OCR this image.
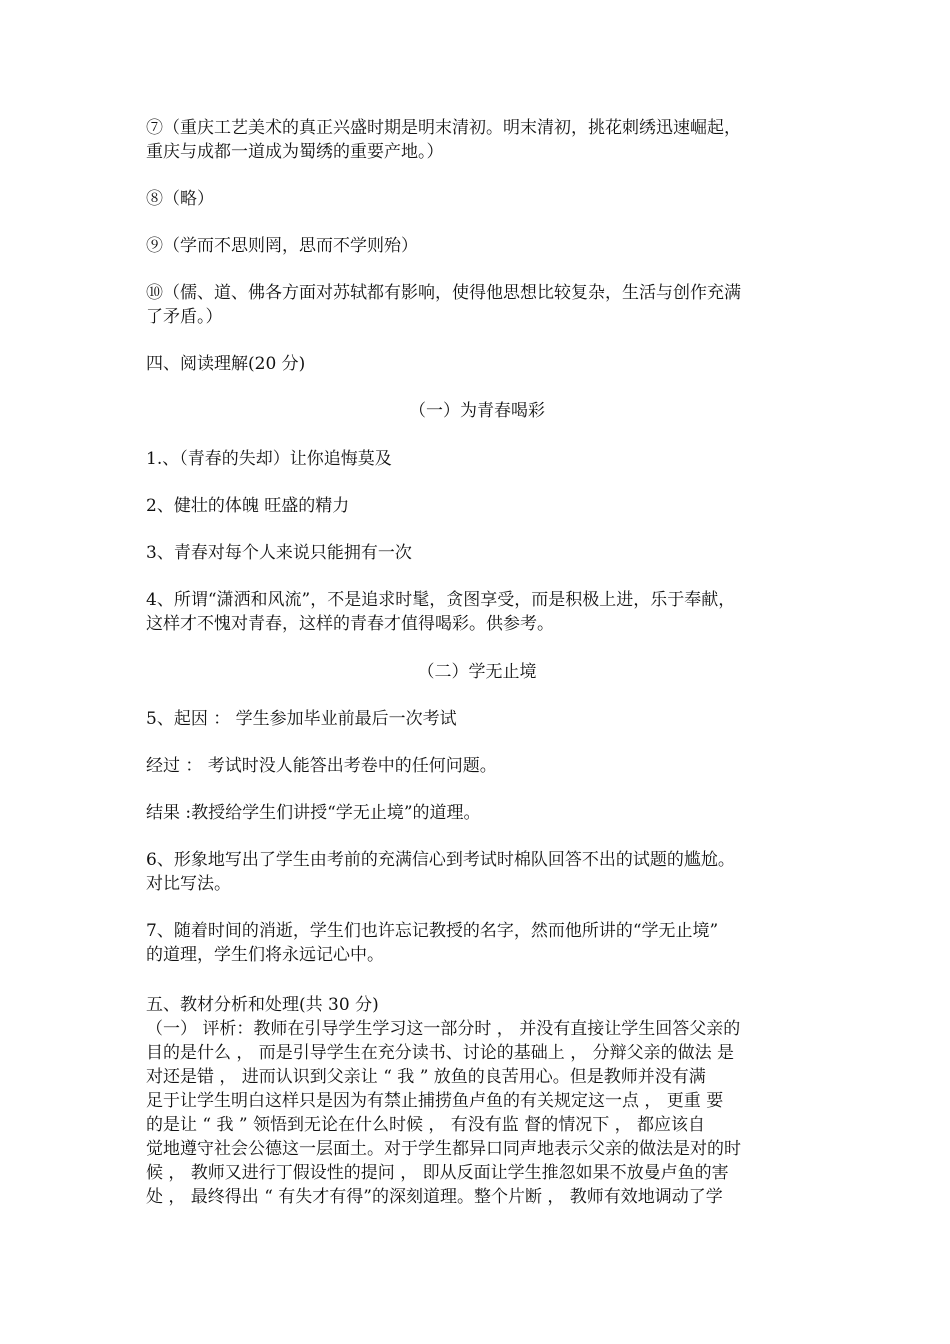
⑦（重庆工艺美术的真正兴盛时期是明末清初。明末清初，挑花刺绣迅速崛起，
重庆与成都一道成为蜀绣的重要产地。）

⑧（略）

⑨（学而不思则罔，思而不学则殆）

⑩（儒、道、佛各方面对苏轼都有影响，使得他思想比较复杂，生活与创作充满
了矛盾。）

四、阅读理解(20 分)

（一）为青春喝彩

1.、（青春的失却）让你追悔莫及

2、健壮的体魄 旺盛的精力

3、青春对每个人来说只能拥有一次

4、所谓“潇洒和风流”，不是追求时髦，贪图享受，而是积极上进，乐于奉献，
这样才不愧对青春，这样的青春才值得喝彩。供参考。

（二）学无止境

5、起因 ： 学生参加毕业前最后一次考试

经过 ： 考试时没人能答出考卷中的任何问题。

结果 :教授给学生们讲授“学无止境”的道理。

6、形象地写出了学生由考前的充满信心到考试时棉队回答不出的试题的尴尬。
对比写法。
7、随着时间的消逝，学生们也许忘记教授的名字，然而他所讲的“学无止境”
的道理，学生们将永远记心中。

五、教材分析和处理(共 30 分)

（一） 评析：教师在引导学生学习这一部分时 ， 并没有直接让学生回答父亲的
目的是什么 ， 而是引导学生在充分读书、讨论的基础上 ， 分辩父亲的做法 是
对还是错 ， 进而认识到父亲让 “ 我 ” 放鱼的良苦用心。但是教师并没有满
足于让学生明白这样只是因为有禁止捕捞鱼卢鱼的有关规定这一点 ， 更重 要
的是让 “ 我 ” 领悟到无论在什么时候 ， 有没有监 督的情况下 ， 都应该自
觉地遵守社会公德这一层面土。对于学生都异口同声地表示父亲的做法是对的时
候 ， 教师又进行丁假设性的提问 ， 即从反面让学生推忽如果不放曼卢鱼的害
处 ， 最终得出 “ 有失才有得”的深刻道理。整个片断 ， 教师有效地调动了学
